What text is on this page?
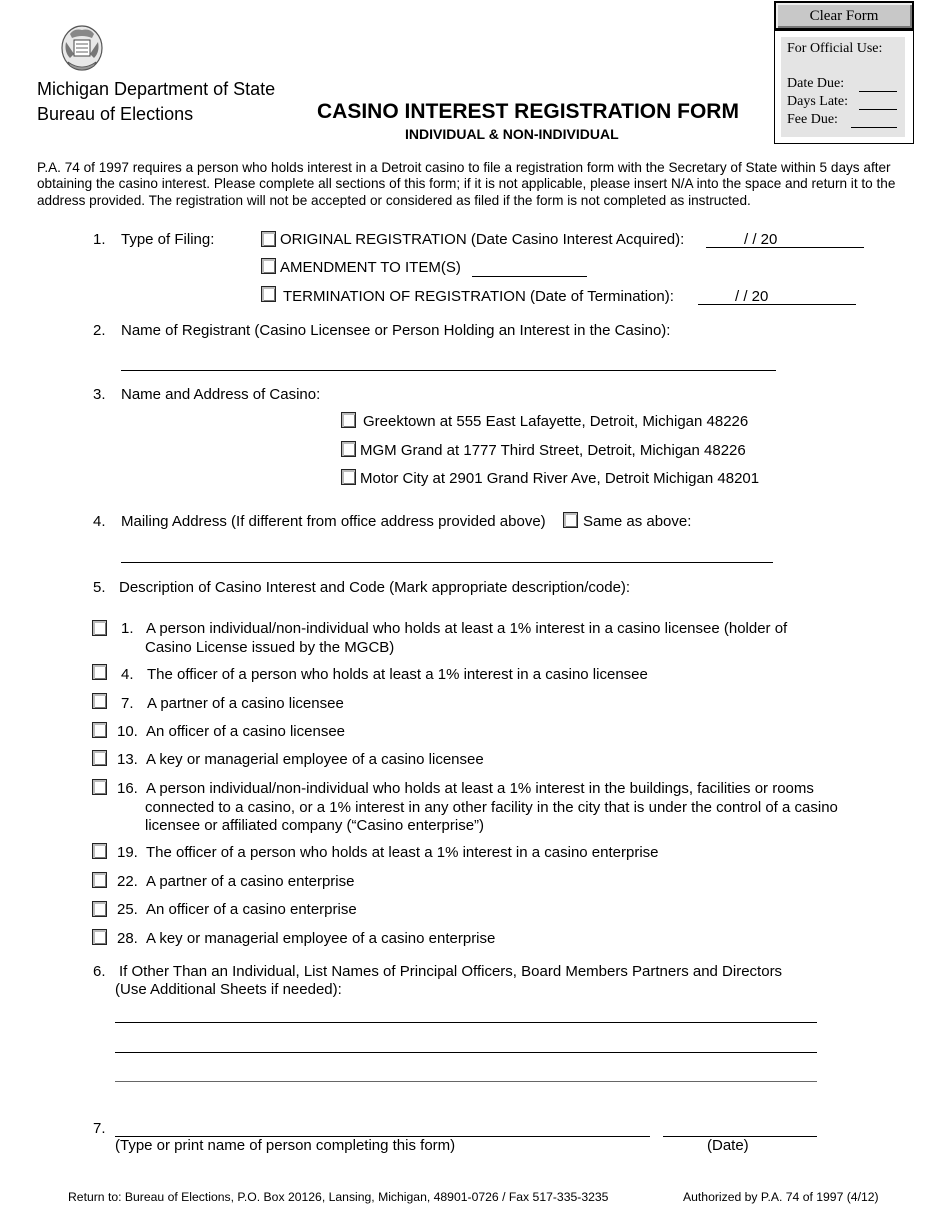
Clear Form
For Official Use:
Date Due:
Days Late:
Fee Due:
Michigan Department of State
Bureau of Elections	CASINO INTEREST REGISTRATION FORM
INDIVIDUAL & NON-INDIVIDUAL
P.A. 74 of 1997 requires a person who holds interest in a Detroit casino to file a registration form with the Secretary of State within 5 days after obtaining the casino interest. Please complete all sections of this form; if it is not applicable, please insert N/A into the space and return it to the address provided. The registration will not be accepted or considered as filed if the form is not completed as instructed.
1. Type of Filing:	ORIGINAL REGISTRATION (Date Casino Interest Acquired):	/ / 20
AMENDMENT TO ITEM(S)
TERMINATION OF REGISTRATION (Date of Termination):	/ / 20
2. Name of Registrant (Casino Licensee or Person Holding an Interest in the Casino):
3. Name and Address of Casino:
Greektown at 555 East Lafayette, Detroit, Michigan 48226
MGM Grand at 1777 Third Street, Detroit, Michigan 48226
Motor City at 2901 Grand River Ave, Detroit Michigan 48201
4. Mailing Address (If different from office address provided above) Same as above:
5. Description of Casino Interest and Code (Mark appropriate description/code):
1. A person individual/non-individual who holds at least a 1% interest in a casino licensee (holder of
Casino License issued by the MGCB)
4. The officer of a person who holds at least a 1% interest in a casino licensee
7. A partner of a casino licensee
10. An officer of a casino licensee
13. A key or managerial employee of a casino licensee
16. A person individual/non-individual who holds at least a 1% interest in the buildings, facilities or rooms
connected to a casino, or a 1% interest in any other facility in the city that is under the control of a casino
licensee or affiliated company (“Casino enterprise”)
19. The officer of a person who holds at least a 1% interest in a casino enterprise
22. A partner of a casino enterprise
25. An officer of a casino enterprise
28. A key or managerial employee of a casino enterprise
6. If Other Than an Individual, List Names of Principal Officers, Board Members Partners and Directors
(Use Additional Sheets if needed):
7.
(Type or print name of person completing this form)	(Date)
Return to: Bureau of Elections, P.O. Box 20126, Lansing, Michigan, 48901-0726 / Fax 517-335-3235	Authorized by P.A. 74 of 1997 (4/12)
